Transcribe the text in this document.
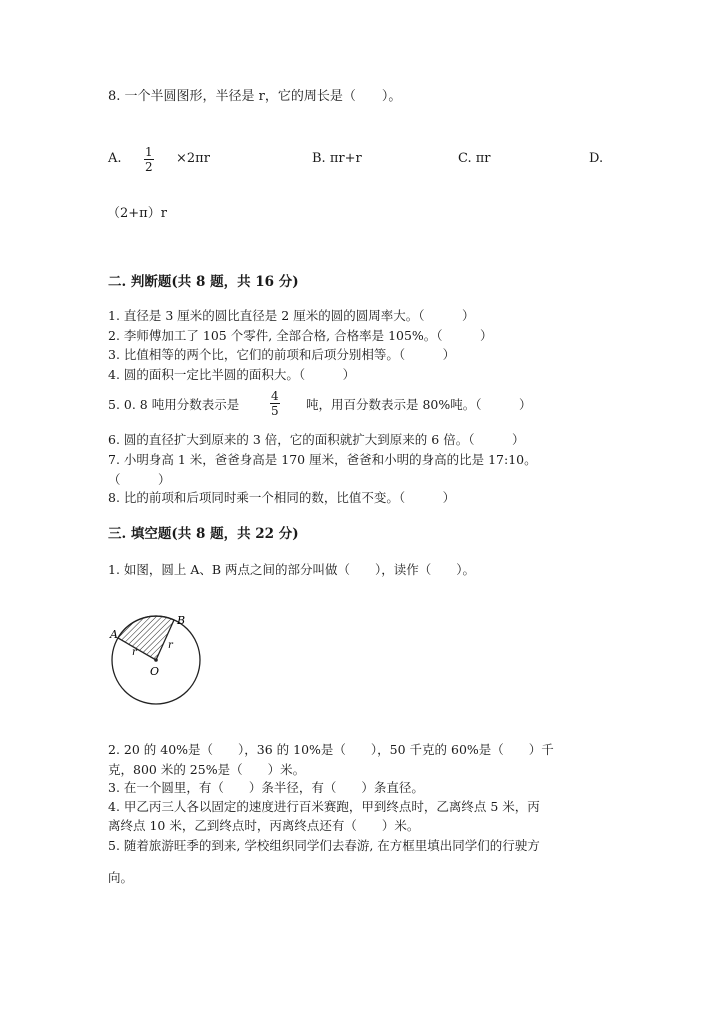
8. 一个半圆图形，半径是 r，它的周长是（　　）。
A. 1
2
×2πr	B. πr+r	C. πr	D.
（2+π）r
二. 判断题(共 8 题，共 16 分)
1. 直径是 3 厘米的圆比直径是 2 厘米的圆的圆周率大。（　　　）
2. 李师傅加工了 105 个零件, 全部合格, 合格率是 105%。（　　　）
3. 比值相等的两个比，它们的前项和后项分别相等。（　　　）
4. 圆的面积一定比半圆的面积大。（　　　）
5. 0. 8 吨用分数表示是
4
5 吨，用百分数表示是 80%吨。（　　　）
6. 圆的直径扩大到原来的 3 倍，它的面积就扩大到原来的 6 倍。（　　　）
7. 小明身高 1 米，爸爸身高是 170 厘米，爸爸和小明的身高的比是 17:10。
（　　　）
8. 比的前项和后项同时乘一个相同的数，比值不变。（　　　）
三. 填空题(共 8 题，共 22 分)
1. 如图，圆上 A、B 两点之间的部分叫做（　　），读作（　　）。
A
B
O
r
r
2. 20 的 40%是（　　），36 的 10%是（　　），50 千克的 60%是（　　）千
克，800 米的 25%是（　　）米。
3. 在一个圆里，有（　　）条半径，有（　　）条直径。
4. 甲乙丙三人各以固定的速度进行百米赛跑，甲到终点时，乙离终点 5 米，丙
离终点 10 米，乙到终点时，丙离终点还有（　　）米。
5. 随着旅游旺季的到来, 学校组织同学们去春游, 在方框里填出同学们的行驶方
向。
